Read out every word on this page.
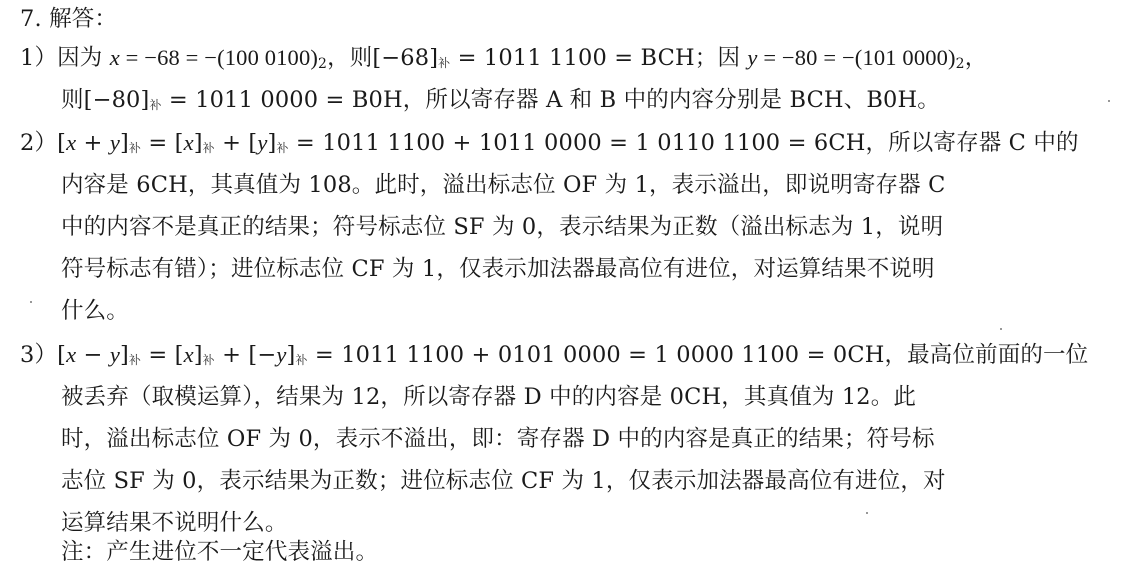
7. 解答：
1）因为 x = −68 = −(100 $0100)_2$，则[−68]补 = 1011 1100 = BCH；因 y = −80 = −(101 $0000)_2$，
则[−80]补 = 1011 0000 = B0H，所以寄存器 A 和 B 中的内容分别是 BCH、B0H。
2）[x + y]补 = [x]补 + [y]补 = 1011 1100 + 1011 0000 = 1 0110 1100 = 6CH，所以寄存器 C 中的
内容是 6CH，其真值为 108。此时，溢出标志位 OF 为 1，表示溢出，即说明寄存器 C
中的内容不是真正的结果；符号标志位 SF 为 0，表示结果为正数（溢出标志为 1，说明
符号标志有错）；进位标志位 CF 为 1，仅表示加法器最高位有进位，对运算结果不说明
什么。
3）[x − y]补 = [x]补 + [−y]补 = 1011 1100 + 0101 0000 = 1 0000 1100 = 0CH，最高位前面的一位
被丢弃（取模运算），结果为 12，所以寄存器 D 中的内容是 0CH，其真值为 12。此
时，溢出标志位 OF 为 0，表示不溢出，即：寄存器 D 中的内容是真正的结果；符号标
志位 SF 为 0，表示结果为正数；进位标志位 CF 为 1，仅表示加法器最高位有进位，对
运算结果不说明什么。
注：产生进位不一定代表溢出。
